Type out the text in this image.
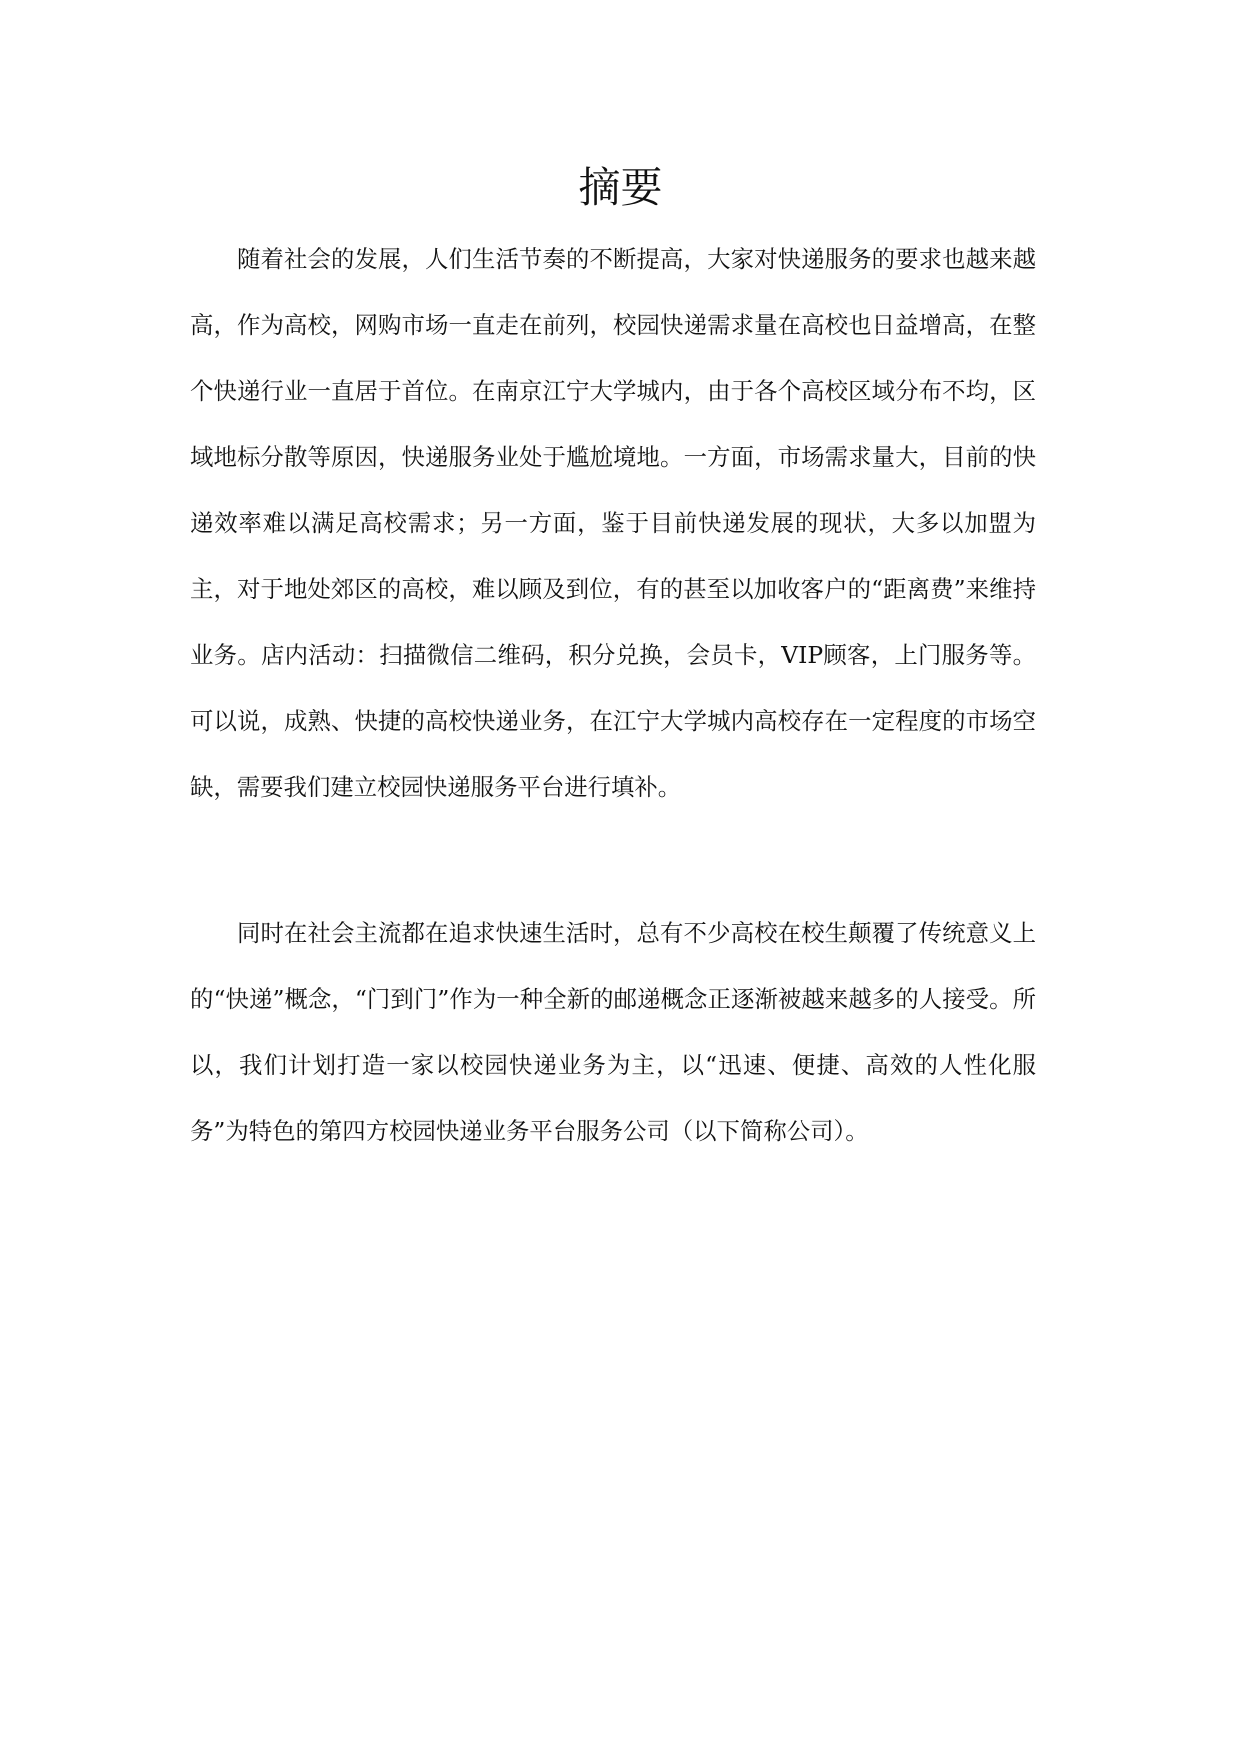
摘要

随着社会的发展，人们生活节奏的不断提高，大家对快递服务的要求也越来越高，作为高校，网购市场一直走在前列，校园快递需求量在高校也日益增高，在整个快递行业一直居于首位。在南京江宁大学城内，由于各个高校区域分布不均，区域地标分散等原因，快递服务业处于尴尬境地。一方面，市场需求量大，目前的快递效率难以满足高校需求；另一方面，鉴于目前快递发展的现状，大多以加盟为主，对于地处郊区的高校，难以顾及到位，有的甚至以加收客户的“距离费”来维持业务。店内活动：扫描微信二维码，积分兑换，会员卡，VIP顾客，上门服务等。可以说，成熟、快捷的高校快递业务，在江宁大学城内高校存在一定程度的市场空缺，需要我们建立校园快递服务平台进行填补。

同时在社会主流都在追求快速生活时，总有不少高校在校生颠覆了传统意义上的“快递”概念，“门到门”作为一种全新的邮递概念正逐渐被越来越多的人接受。所以，我们计划打造一家以校园快递业务为主，以“迅速、便捷、高效的人性化服务”为特色的第四方校园快递业务平台服务公司（以下简称公司）。
